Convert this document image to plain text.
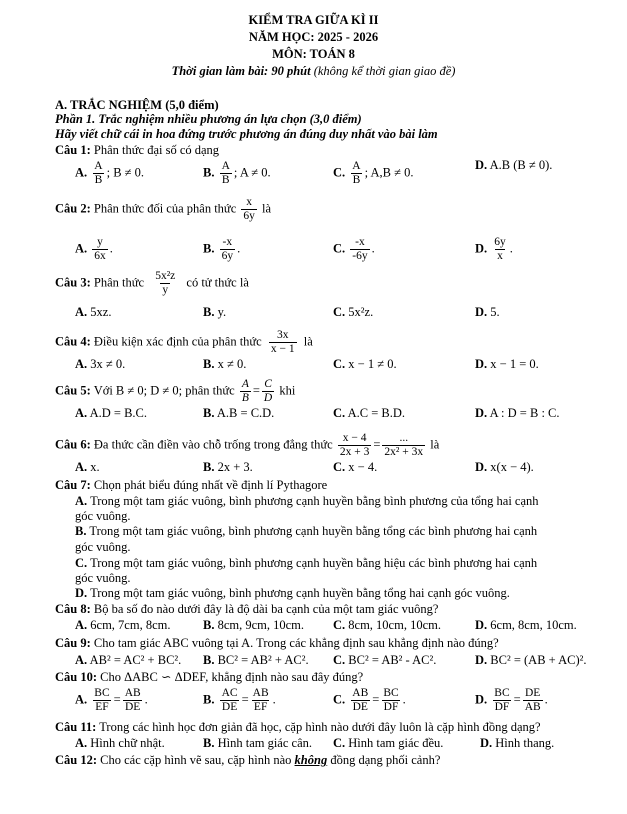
KIỂM TRA GIỮA KÌ II
NĂM HỌC: 2025 - 2026
MÔN: TOÁN 8
Thời gian làm bài: 90 phút (không kể thời gian giao đề)
A. TRẮC NGHIỆM (5,0 điểm)
Phần 1. Trắc nghiệm nhiều phương án lựa chọn (3,0 điểm)
Hãy viết chữ cái in hoa đứng trước phương án đúng duy nhất vào bài làm
Câu 1: Phân thức đại số có dạng
A. $\frac{A}{B}$ ; B ≠ 0.	B. $\frac{A}{B}$ ; A ≠ 0.	C. $\frac{A}{B}$ ; A,B ≠ 0.
D. A.B (B ≠ 0).
Câu 2: Phân thức đối của phân thức $\frac{x}{6y}$ là
A. $\frac{y}{6x}$ .	B. $\frac{-x}{6y}$ .	C. $\frac{-x}{-6y}$ .	D. $\frac{6y}{x}$ .
Câu 3: Phân thức $\frac{\text{5x²z}}{y}$ có tử thức là
A. 5xz.	B. y.	C. 5x²z.	D. 5.
Câu 4: Điều kiện xác định của phân thức $\frac{3x}{x - 1}$ là
A. 3x ≠ 0.	B. x ≠ 0.	C. x − 1 ≠ 0.	D. x − 1 = 0.
Câu 5: Với B ≠ 0; D ≠ 0; phân thức $\frac{A}{B} = \frac{C}{D}$ khi
A. A.D = B.C.	B. A.B = C.D.	C. A.C = B.D.	D. A : D = B : C.
Câu 6: Đa thức cần điền vào chỗ trống trong đẳng thức $\frac{x - 4}{2x + 3} = \frac{...}{\text{2x² + 3x}}$ là
A. x.	B. 2x + 3.	C. x − 4.	D. x(x − 4).
Câu 7: Chọn phát biểu đúng nhất về định lí Pythagore
A. Trong một tam giác vuông, bình phương cạnh huyền bằng bình phương của tổng hai cạnh
góc vuông.
B. Trong một tam giác vuông, bình phương cạnh huyền bằng tổng các bình phương hai cạnh
góc vuông.
C. Trong một tam giác vuông, bình phương cạnh huyền bằng hiệu các bình phương hai cạnh
góc vuông.
D. Trong một tam giác vuông, bình phương cạnh huyền bằng tổng hai cạnh góc vuông.
Câu 8: Bộ ba số đo nào dưới đây là độ dài ba cạnh của một tam giác vuông?
A. 6cm, 7cm, 8cm.	B. 8cm, 9cm, 10cm. C. 8cm, 10cm, 10cm.	D. 6cm, 8cm, 10cm.
Câu 9: Cho tam giác ABC vuông tại A. Trong các khẳng định sau khẳng định nào đúng?
A. AB² = AC² + BC². B. BC² = AB² + AC². C. BC² = AB² - AC².	D. BC² = (AB + AC)².
Câu 10: Cho ΔABC ∽ ΔDEF, khẳng định nào sau đây đúng?
A. $\frac{BC}{EF} = \frac{AB}{DE}$ .	B. $\frac{AC}{DE} = \frac{AB}{EF}$ .	C. $\frac{AB}{DE} = \frac{BC}{DF}$ .	D. $\frac{BC}{DF} = \frac{DE}{AB}$ .
Câu 11: Trong các hình học đơn giản đã học, cặp hình nào dưới đây luôn là cặp hình đồng dạng?
A. Hình chữ nhật.	B. Hình tam giác cân. C. Hình tam giác đều.	D. Hình thang.
Câu 12: Cho các cặp hình vẽ sau, cặp hình nào không đồng dạng phối cảnh?
